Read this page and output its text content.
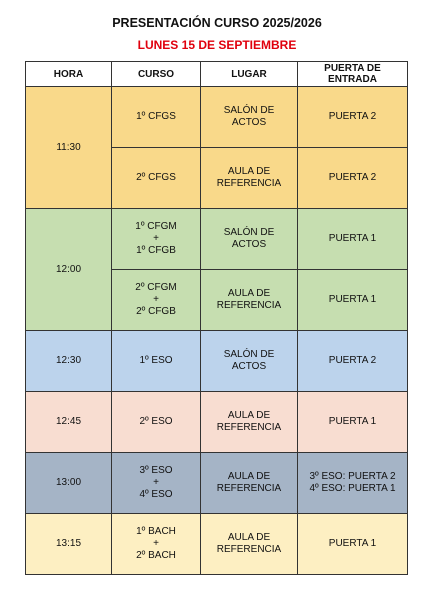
PRESENTACIÓN CURSO 2025/2026
LUNES 15 DE SEPTIEMBRE
HORA	CURSO	LUGAR	PUERTA DE
ENTRADA
11:30	1º CFGS	SALÓN DE
ACTOS	PUERTA 2
	2º CFGS	AULA DE
REFERENCIA	PUERTA 2
12:00	1º CFGM
+
1º CFGB	SALÓN DE
ACTOS	PUERTA 1
	2º CFGM
+
2º CFGB	AULA DE
REFERENCIA	PUERTA 1
12:30	1º ESO	SALÓN DE
ACTOS	PUERTA 2
12:45	2º ESO	AULA DE
REFERENCIA	PUERTA 1
13:00	3º ESO
+
4º ESO	AULA DE
REFERENCIA	3º ESO: PUERTA 2
4º ESO: PUERTA 1
13:15	1º BACH
+
2º BACH	AULA DE
REFERENCIA	PUERTA 1
